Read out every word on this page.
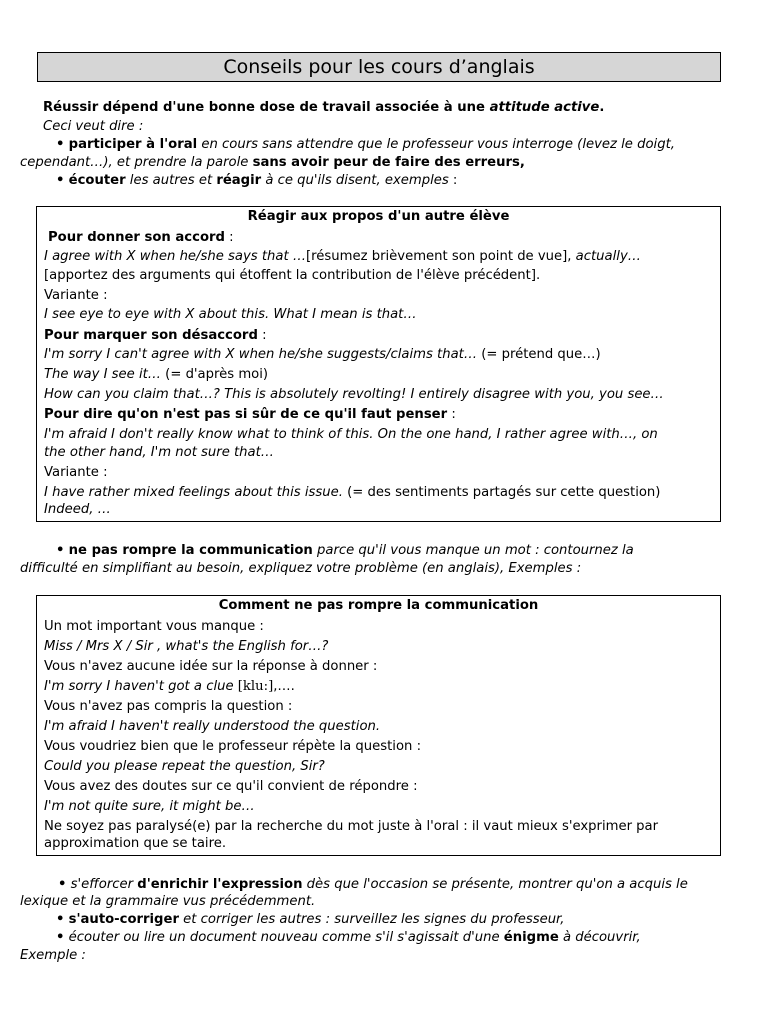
Conseils pour les cours d’anglais
Réussir dépend d'une bonne dose de travail associée à une attitude active.
Ceci veut dire :
• participer à l'oral en cours sans attendre que le professeur vous interroge (levez le doigt,
cependant…), et prendre la parole sans avoir peur de faire des erreurs,
• écouter les autres et réagir à ce qu'ils disent, exemples :
Réagir aux propos d'un autre élève
Pour donner son accord :
I agree with X when he/she says that …[résumez brièvement son point de vue], actually…
[apportez des arguments qui étoffent la contribution de l'élève précédent].
Variante :
I see eye to eye with X about this. What I mean is that…
Pour marquer son désaccord :
I'm sorry I can't agree with X when he/she suggests/claims that… (= prétend que…)
The way I see it… (= d'après moi)
How can you claim that…? This is absolutely revolting! I entirely disagree with you, you see…
Pour dire qu'on n'est pas si sûr de ce qu'il faut penser :
I'm afraid I don't really know what to think of this. On the one hand, I rather agree with…, on
the other hand, I'm not sure that…
Variante :
I have rather mixed feelings about this issue. (= des sentiments partagés sur cette question)
Indeed, …
• ne pas rompre la communication parce qu'il vous manque un mot : contournez la
difficulté en simplifiant au besoin, expliquez votre problème (en anglais), Exemples :
Comment ne pas rompre la communication
Un mot important vous manque :
Miss / Mrs X / Sir , what's the English for…?
Vous n'avez aucune idée sur la réponse à donner :
I'm sorry I haven't got a clue [klu:],….
Vous n'avez pas compris la question :
I'm afraid I haven't really understood the question.
Vous voudriez bien que le professeur répète la question :
Could you please repeat the question, Sir?
Vous avez des doutes sur ce qu'il convient de répondre :
I'm not quite sure, it might be…
Ne soyez pas paralysé(e) par la recherche du mot juste à l'oral : il vaut mieux s'exprimer par
approximation que se taire.
• s'efforcer d'enrichir l'expression dès que l'occasion se présente, montrer qu'on a acquis le
lexique et la grammaire vus précédemment.
• s'auto-corriger et corriger les autres : surveillez les signes du professeur,
• écouter ou lire un document nouveau comme s'il s'agissait d'une énigme à découvrir,
Exemple :
